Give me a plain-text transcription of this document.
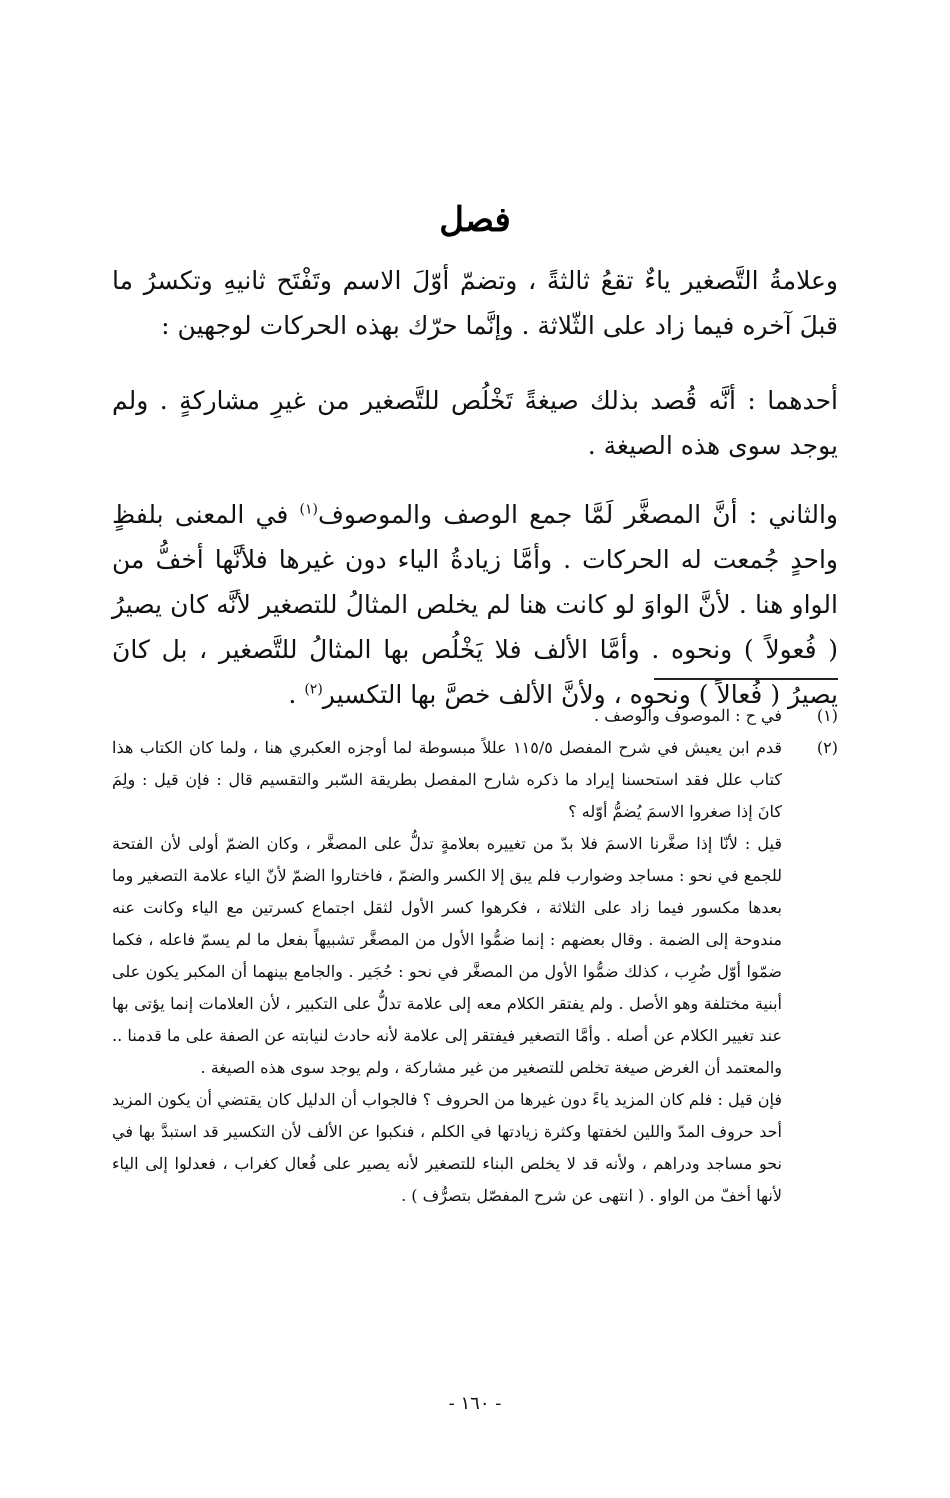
فصل

وعلامةُ التَّصغير ياءٌ تقعُ ثالثةً ، وتضمّ أوّلَ الاسم وتَفْتَح ثانيهِ وتكسرُ ما قبلَ آخره فيما زاد على الثّلاثة . وإنَّما حرّك بهذه الحركات لوجهين :

أحدهما : أنَّه قُصد بذلك صيغةً تَخْلُص للتَّصغير من غيرِ مشاركةٍ . ولم يوجد سوى هذه الصيغة .

والثاني : أنَّ المصغَّر لَمَّا جمع الوصف والموصوف$^{(١)}$ في المعنى بلفظٍ واحدٍ جُمعت له الحركات . وأمَّا زيادةُ الياء دون غيرها فلأنَّها أخفُّ من الواو هنا . لأنَّ الواوَ لو كانت هنا لم يخلص المثالُ للتصغير لأنَّه كان يصيرُ ( فُعولاً ) ونحوه . وأمَّا الألف فلا يَخْلُص بها المثالُ للتَّصغير ، بل كانَ يصيرُ ( فُعالاً ) ونحوه ، ولأنَّ الألف خصَّ بها التكسير$^{(٢)}$ .

(١)

في ح : الموصوف والوصف .

(٢)

قدم ابن يعيش في شرح المفصل ١١٥/٥ عللاً مبسوطة لما أوجزه العكبري هنا ، ولما كان الكتاب هذا كتاب علل فقد استحسنا إيراد ما ذكره شارح المفصل بطريقة السّبر والتقسيم قال : فإن قيل : ولِمَ كانَ إذا صغروا الاسمَ يُضمُّ أوّله ؟

قيل : لأنّا إذا صغَّرنا الاسمَ فلا بدّ من تغييره بعلامةٍ تدلُّ على المصغَّر ، وكان الضمّ أولى لأن الفتحة للجمع في نحو : مساجد وضوارب فلم يبق إلا الكسر والضمّ ، فاختاروا الضمّ لأنّ الياء علامة التصغير وما بعدها مكسور فيما زاد على الثلاثة ، فكرهوا كسر الأول لثقل اجتماع كسرتين مع الياء وكانت عنه مندوحة إلى الضمة . وقال بعضهم : إنما ضمُّوا الأول من المصغَّر تشبيهاً بفعل ما لم يسمّ فاعله ، فكما ضمّوا أوّل ضُرِب ، كذلك ضمُّوا الأول من المصغَّر في نحو : حُجَير . والجامع بينهما أن المكبر يكون على أبنية مختلفة وهو الأصل . ولم يفتقر الكلام معه إلى علامة تدلُّ على التكبير ، لأن العلامات إنما يؤتى بها عند تغيير الكلام عن أصله . وأمَّا التصغير فيفتقر إلى علامة لأنه حادث لنيابته عن الصفة على ما قدمنا .. والمعتمد أن الغرض صيغة تخلص للتصغير من غير مشاركة ، ولم يوجد سوى هذه الصيغة .

فإن قيل : فلم كان المزيد ياءً دون غيرها من الحروف ؟ فالجواب أن الدليل كان يقتضي أن يكون المزيد أحد حروف المدّ واللين لخفتها وكثرة زيادتها في الكلم ، فنكبوا عن الألف لأن التكسير قد استبدَّ بها في نحو مساجد ودراهم ، ولأنه قد لا يخلص البناء للتصغير لأنه يصير على فُعال كغراب ، فعدلوا إلى الياء لأنها أخفّ من الواو . ( انتهى عن شرح المفصّل بتصرُّف ) .

- ١٦٠ -
